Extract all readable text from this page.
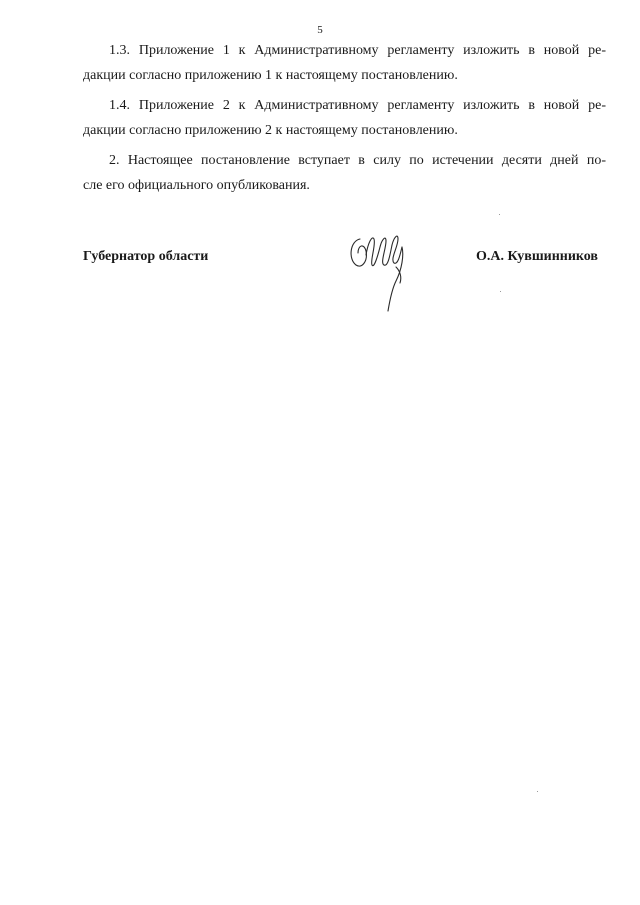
5

1.3. Приложение 1 к Административному регламенту изложить в новой ре-
дакции согласно приложению 1 к настоящему постановлению.

1.4. Приложение 2 к Административному регламенту изложить в новой ре-
дакции согласно приложению 2 к настоящему постановлению.

2. Настоящее постановление вступает в силу по истечении десяти дней по-
сле его официального опубликования.

Губернатор области	О.А. Кувшинников
